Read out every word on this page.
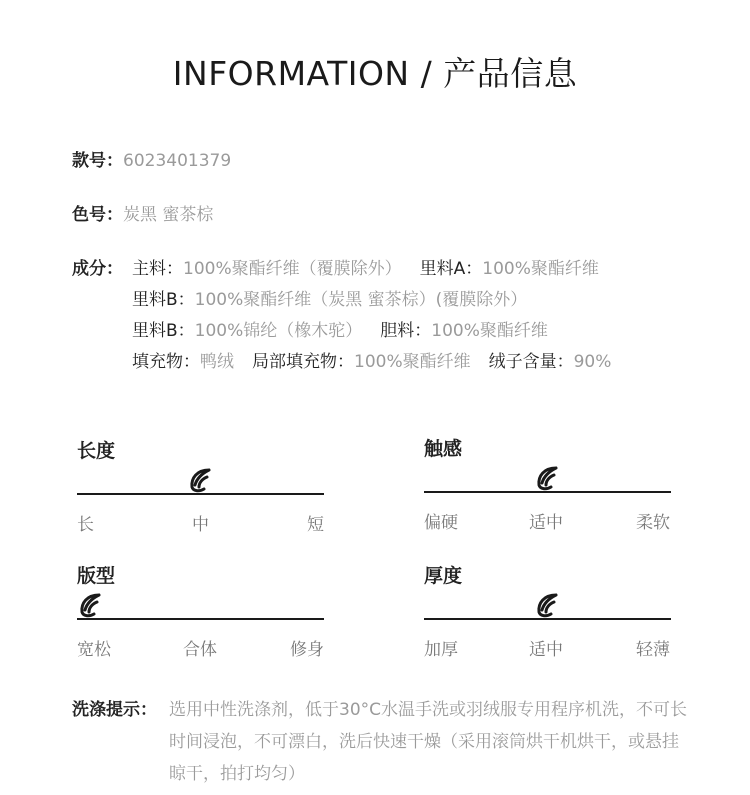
INFORMATION / 产品信息
款号：6023401379
色号：炭黑 蜜茶棕
成分： 主料：100%聚酯纤维（覆膜除外） 里料A：100%聚酯纤维
里料B：100%聚酯纤维（炭黑 蜜茶棕）(覆膜除外）
里料B：100%锦纶（橡木驼） 胆料：100%聚酯纤维
填充物：鸭绒 局部填充物：100%聚酯纤维 绒子含量：90%
长度
长	中	短
触感
偏硬	适中	柔软
版型
宽松	合体	修身
厚度
加厚	适中	轻薄
洗涤提示： 选用中性洗涤剂，低于30°C水温手洗或羽绒服专用程序机洗，不可长时间浸泡，不可漂白，洗后快速干燥（采用滚筒烘干机烘干，或悬挂晾干，拍打均匀）
